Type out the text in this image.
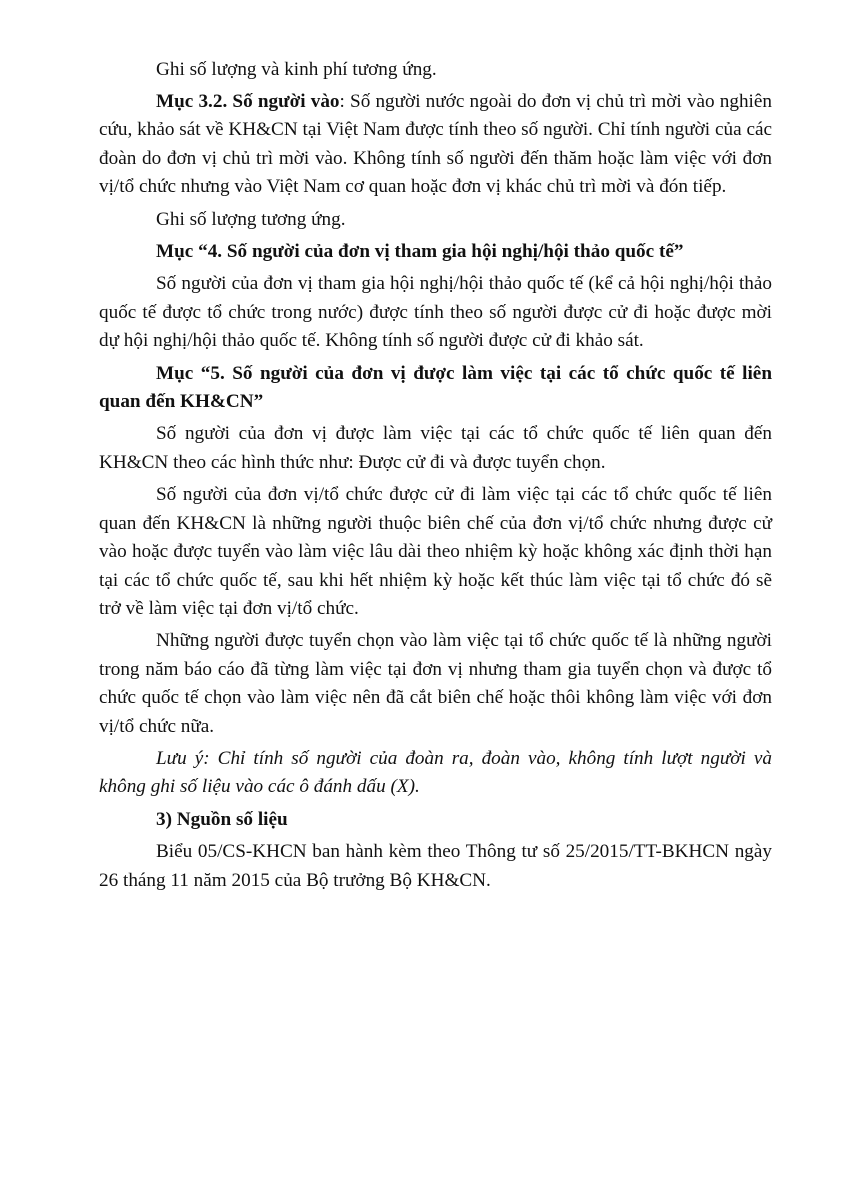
Ghi số lượng và kinh phí tương ứng.

Mục 3.2. Số người vào: Số người nước ngoài do đơn vị chủ trì mời vào nghiên cứu, khảo sát về KH&CN tại Việt Nam được tính theo số người. Chỉ tính người của các đoàn do đơn vị chủ trì mời vào. Không tính số người đến thăm hoặc làm việc với đơn vị/tổ chức nhưng vào Việt Nam cơ quan hoặc đơn vị khác chủ trì mời và đón tiếp.

Ghi số lượng tương ứng.

Mục “4. Số người của đơn vị tham gia hội nghị/hội thảo quốc tế”

Số người của đơn vị tham gia hội nghị/hội thảo quốc tế (kể cả hội nghị/hội thảo quốc tế được tổ chức trong nước) được tính theo số người được cử đi hoặc được mời dự hội nghị/hội thảo quốc tế. Không tính số người được cử đi khảo sát.

Mục “5. Số người của đơn vị được làm việc tại các tổ chức quốc tế liên quan đến KH&CN”

Số người của đơn vị được làm việc tại các tổ chức quốc tế liên quan đến KH&CN theo các hình thức như: Được cử đi và được tuyển chọn.

Số người của đơn vị/tổ chức được cử đi làm việc tại các tổ chức quốc tế liên quan đến KH&CN là những người thuộc biên chế của đơn vị/tổ chức nhưng được cử vào hoặc được tuyển vào làm việc lâu dài theo nhiệm kỳ hoặc không xác định thời hạn tại các tổ chức quốc tế, sau khi hết nhiệm kỳ hoặc kết thúc làm việc tại tổ chức đó sẽ trở về làm việc tại đơn vị/tổ chức.

Những người được tuyển chọn vào làm việc tại tổ chức quốc tế là những người trong năm báo cáo đã từng làm việc tại đơn vị nhưng tham gia tuyển chọn và được tổ chức quốc tế chọn vào làm việc nên đã cắt biên chế hoặc thôi không làm việc với đơn vị/tổ chức nữa.

Lưu ý: Chỉ tính số người của đoàn ra, đoàn vào, không tính lượt người và không ghi số liệu vào các ô đánh dấu (X).

3) Nguồn số liệu

Biểu 05/CS-KHCN ban hành kèm theo Thông tư số 25/2015/TT-BKHCN ngày 26 tháng 11 năm 2015 của Bộ trưởng Bộ KH&CN.
